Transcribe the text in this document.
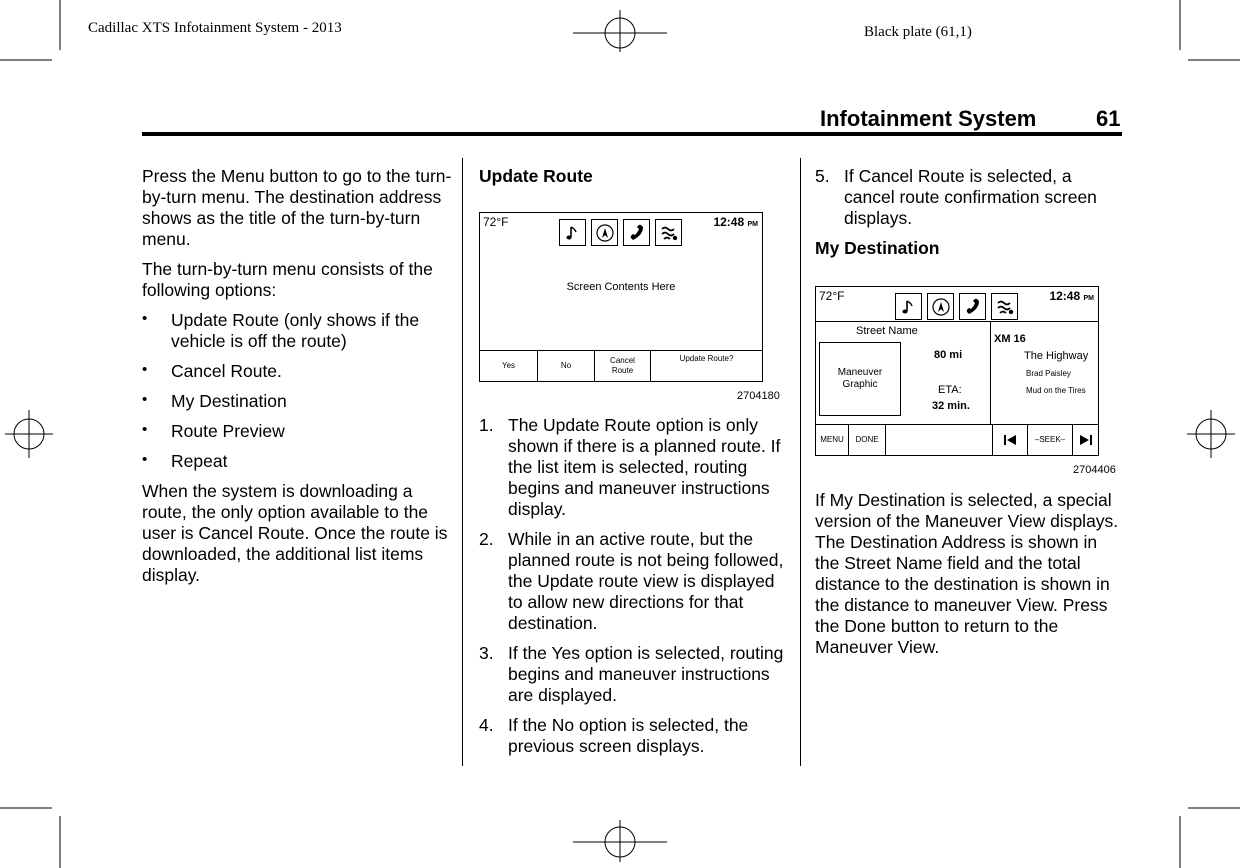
Cadillac XTS Infotainment System - 2013	Black plate (61,1)
Infotainment System	61

Press the Menu button to go to the turn-by-turn menu. The destination address shows as the title of the turn-by-turn menu.

The turn-by-turn menu consists of the following options:

• Update Route (only shows if the vehicle is off the route)
• Cancel Route.
• My Destination
• Route Preview
• Repeat

When the system is downloading a route, the only option available to the user is Cancel Route. Once the route is downloaded, the additional list items display.

Update Route
72°F	12:48 PM
Screen Contents Here
Yes	No
Cancel Route
Update Route?
2704180
1. The Update Route option is only shown if there is a planned route. If the list item is selected, routing begins and maneuver instructions display.
2. While in an active route, but the planned route is not being followed, the Update route view is displayed to allow new directions for that destination.
3. If the Yes option is selected, routing begins and maneuver instructions are displayed.
4. If the No option is selected, the previous screen displays.
5. If Cancel Route is selected, a cancel route confirmation screen displays.
My Destination
72°F	12:48 PM
Street Name
Maneuver Graphic
80 mi
ETA:
32 min.
XM 16
The Highway
Brad Paisley
Mud on the Tires
MENU	DONE	–SEEK–
2704406

If My Destination is selected, a special version of the Maneuver View displays. The Destination Address is shown in the Street Name field and the total distance to the destination is shown in the distance to maneuver View. Press the Done button to return to the Maneuver View.
